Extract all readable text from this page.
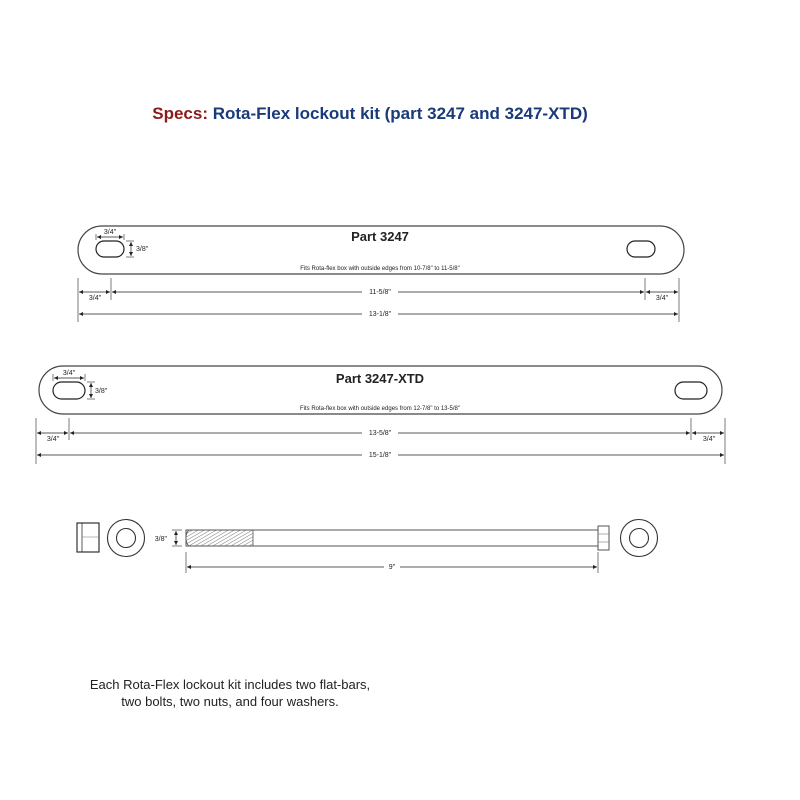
Specs: Rota-Flex lockout kit (part 3247 and 3247-XTD)
3/4"
3/8"
Part 3247
Fits Rota-flex box with outside edges from 10-7/8" to 11-5/8"
3/4"
11-5/8"
3/4"
13-1/8"
3/4"
3/8"
Part 3247-XTD
Fits Rota-flex box with outside edges from 12-7/8" to 13-5/8"
3/4"
13-5/8"
3/4"
15-1/8"
3/8"
9"
Each Rota-Flex lockout kit includes two flat-bars,
two bolts, two nuts, and four washers.
